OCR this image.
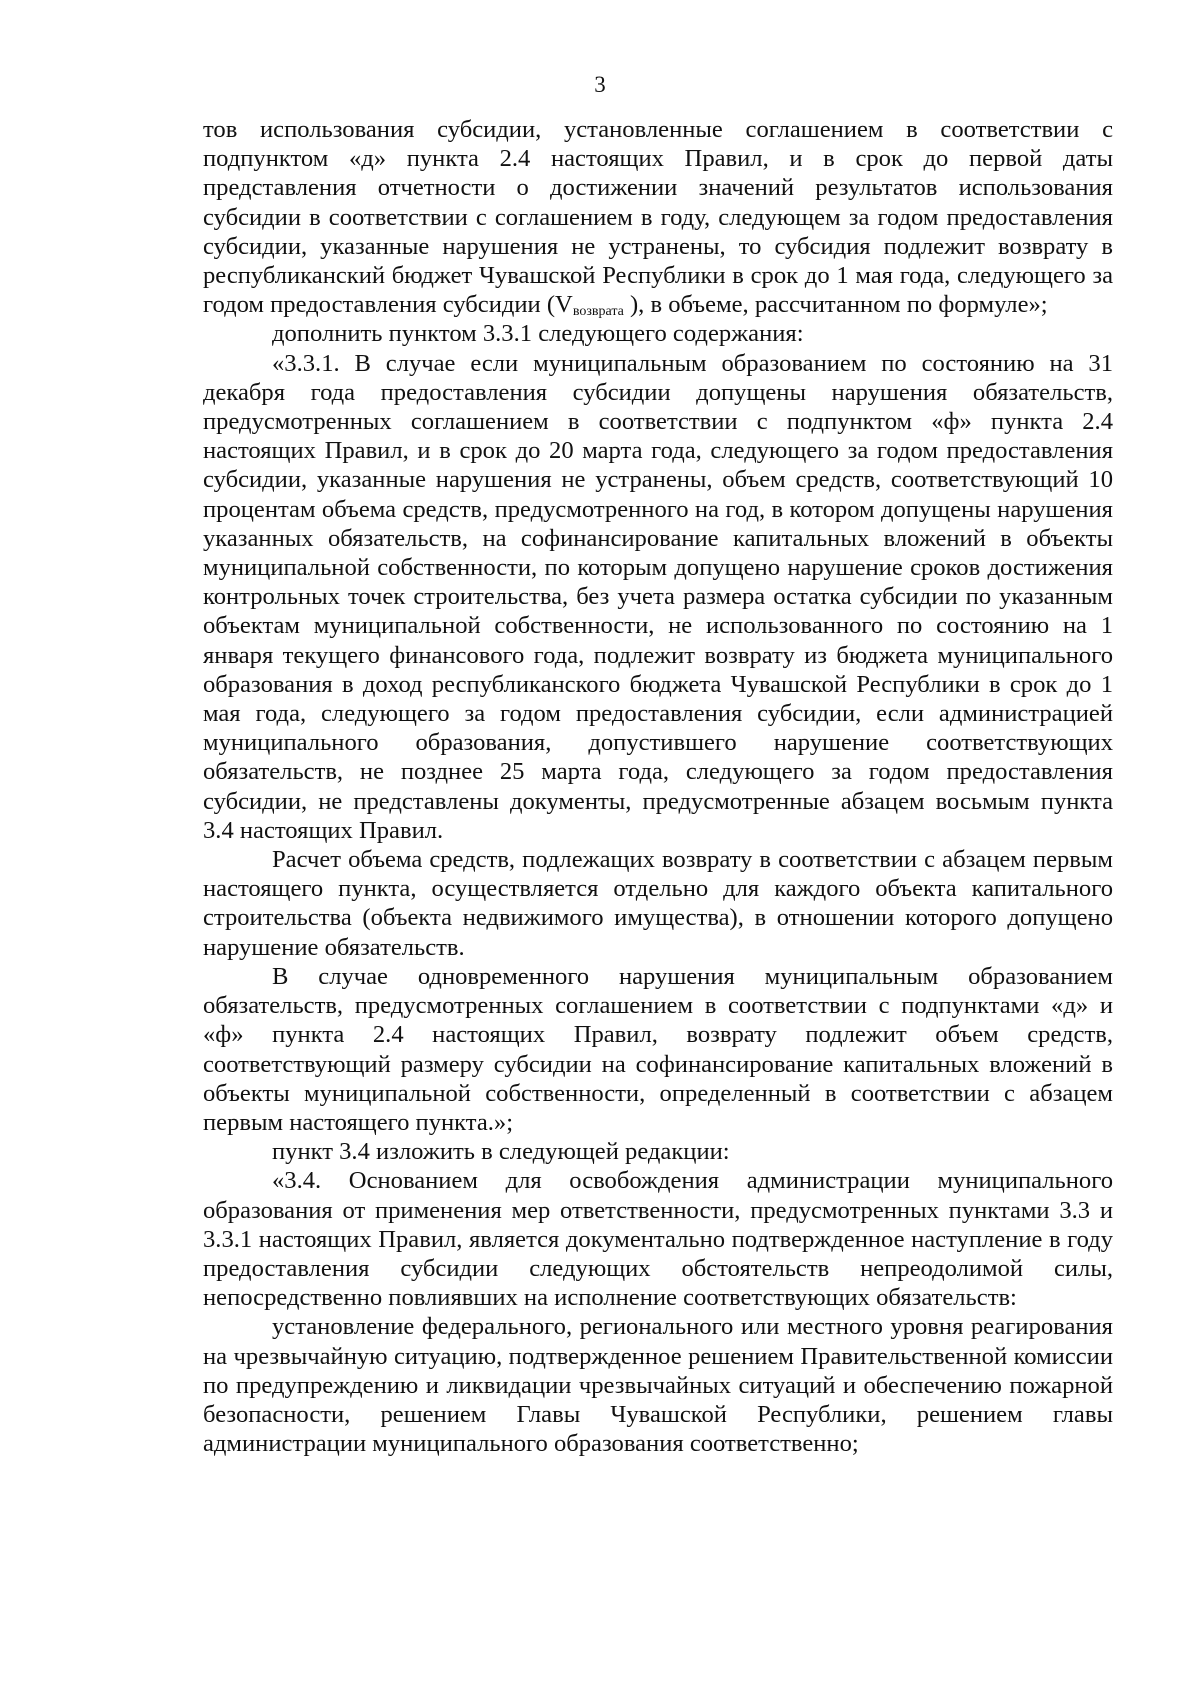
3

тов использования субсидии, установленные соглашением в соответствии с подпунктом «д» пункта 2.4 настоящих Правил, и в срок до первой даты представления отчетности о достижении значений результатов использования субсидии в соответствии с соглашением в году, следующем за годом предоставления субсидии, указанные нарушения не устранены, то субсидия подлежит возврату в республиканский бюджет Чувашской Республики в срок до 1 мая года, следующего за годом предоставления субсидии ($V_{возврата}$ ), в объеме, рассчитанном по формуле»;

дополнить пунктом 3.3.1 следующего содержания:

«3.3.1. В случае если муниципальным образованием по состоянию на 31 декабря года предоставления субсидии допущены нарушения обязательств, предусмотренных соглашением в соответствии с подпунктом «ф» пункта 2.4 настоящих Правил, и в срок до 20 марта года, следующего за годом предоставления субсидии, указанные нарушения не устранены, объем средств, соответствующий 10 процентам объема средств, предусмотренного на год, в котором допущены нарушения указанных обязательств, на софинансирование капитальных вложений в объекты муниципальной собственности, по которым допущено нарушение сроков достижения контрольных точек строительства, без учета размера остатка субсидии по указанным объектам муниципальной собственности, не использованного по состоянию на 1 января текущего финансового года, подлежит возврату из бюджета муниципального образования в доход республиканского бюджета Чувашской Республики в срок до 1 мая года, следующего за годом предоставления субсидии, если администрацией муниципального образования, допустившего нарушение соответствующих обязательств, не позднее 25 марта года, следующего за годом предоставления субсидии, не представлены документы, предусмотренные абзацем восьмым пункта 3.4 настоящих Правил.

Расчет объема средств, подлежащих возврату в соответствии с абзацем первым настоящего пункта, осуществляется отдельно для каждого объекта капитального строительства (объекта недвижимого имущества), в отношении которого допущено нарушение обязательств.

В случае одновременного нарушения муниципальным образованием обязательств, предусмотренных соглашением в соответствии с подпунктами «д» и «ф» пункта 2.4 настоящих Правил, возврату подлежит объем средств, соответствующий размеру субсидии на софинансирование капитальных вложений в объекты муниципальной собственности, определенный в соответствии с абзацем первым настоящего пункта.»;

пункт 3.4 изложить в следующей редакции:

«3.4. Основанием для освобождения администрации муниципального образования от применения мер ответственности, предусмотренных пунктами 3.3 и 3.3.1 настоящих Правил, является документально подтвержденное наступление в году предоставления субсидии следующих обстоятельств непреодолимой силы, непосредственно повлиявших на исполнение соответствующих обязательств:

установление федерального, регионального или местного уровня реагирования на чрезвычайную ситуацию, подтвержденное решением Правительственной комиссии по предупреждению и ликвидации чрезвычайных ситуаций и обеспечению пожарной безопасности, решением Главы Чувашской Республики, решением главы администрации муниципального образования соответственно;
